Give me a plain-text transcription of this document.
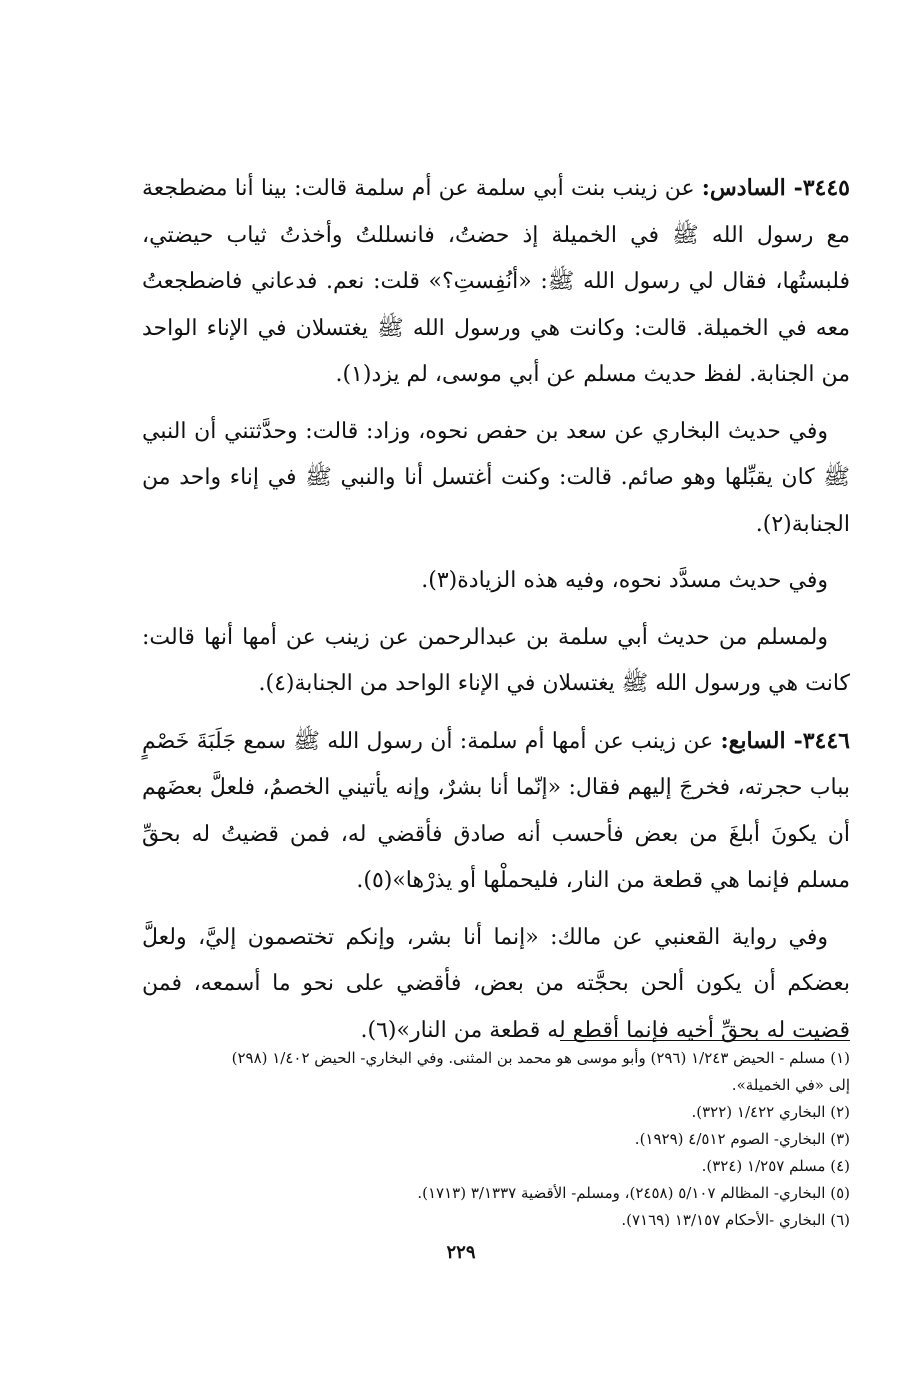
٣٤٤٥- السادس: عن زينب بنت أبي سلمة عن أم سلمة قالت: بينا أنا مضطجعة مع رسول الله ﷺ في الخميلة إذ حضتُ، فانسللتُ وأخذتُ ثياب حيضتي، فلبستُها، فقال لي رسول الله ﷺ: «أنُفِستِ؟» قلت: نعم. فدعاني فاضطجعتُ معه في الخميلة. قالت: وكانت هي ورسول الله ﷺ يغتسلان في الإناء الواحد من الجنابة. لفظ حديث مسلم عن أبي موسى، لم يزد(١).

وفي حديث البخاري عن سعد بن حفص نحوه، وزاد: قالت: وحدَّثتني أن النبي ﷺ كان يقبِّلها وهو صائم. قالت: وكنت أغتسل أنا والنبي ﷺ في إناء واحد من الجنابة(٢).

وفي حديث مسدَّد نحوه، وفيه هذه الزيادة(٣).

ولمسلم من حديث أبي سلمة بن عبدالرحمن عن زينب عن أمها أنها قالت: كانت هي ورسول الله ﷺ يغتسلان في الإناء الواحد من الجنابة(٤).

٣٤٤٦- السابع: عن زينب عن أمها أم سلمة: أن رسول الله ﷺ سمع جَلَبَةَ خَصْمٍ بباب حجرته، فخرجَ إليهم فقال: «إنّما أنا بشرٌ، وإنه يأتيني الخصمُ، فلعلَّ بعضَهم أن يكونَ أبلغَ من بعض فأحسب أنه صادق فأقضي له، فمن قضيتُ له بحقِّ مسلم فإنما هي قطعة من النار، فليحملْها أو يذرْها»(٥).

وفي رواية القعنبي عن مالك: «إنما أنا بشر، وإنكم تختصمون إليَّ، ولعلَّ بعضكم أن يكون ألحن بحجَّته من بعض، فأقضي على نحو ما أسمعه، فمن قضيت له بحقِّ أخيه فإنما أقطع له قطعة من النار»(٦).

(١) مسلم - الحيض ١/٢٤٣ (٢٩٦) وأبو موسى هو محمد بن المثنى. وفي البخاري- الحيض ١/٤٠٢ (٢٩٨)
إلى «في الخميلة».

(٢) البخاري ١/٤٢٢ (٣٢٢).

(٣) البخاري- الصوم ٤/٥١٢ (١٩٢٩).

(٤) مسلم ١/٢٥٧ (٣٢٤).

(٥) البخاري- المظالم ٥/١٠٧ (٢٤٥٨)، ومسلم- الأقضية ٣/١٣٣٧ (١٧١٣).

(٦) البخاري -الأحكام ١٣/١٥٧ (٧١٦٩).

٢٢٩
